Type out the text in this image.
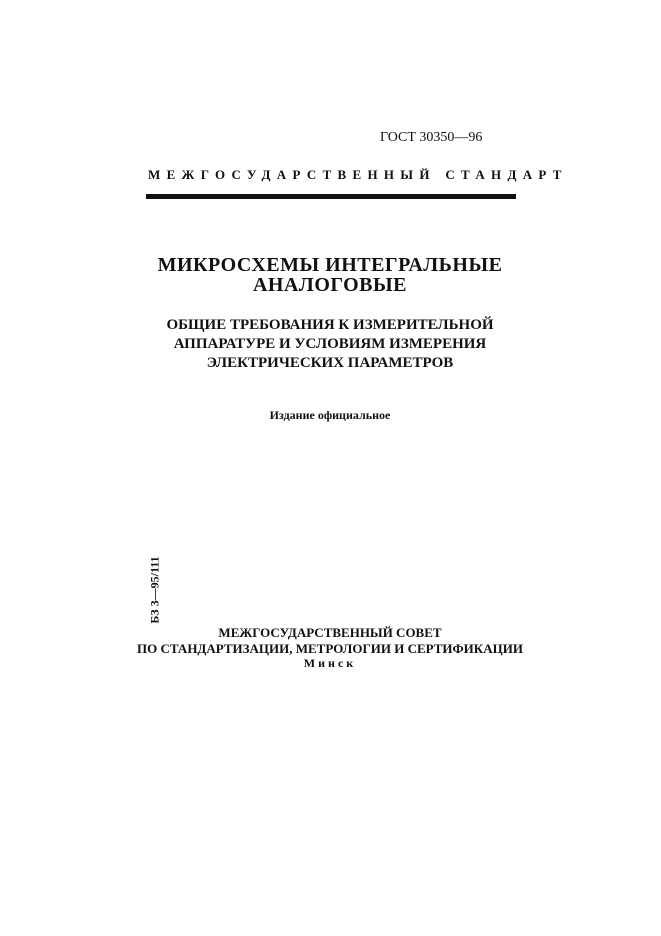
ГОСТ 30350—96
МЕЖГОСУДАРСТВЕННЫЙ СТАНДАРТ
МИКРОСХЕМЫ ИНТЕГРАЛЬНЫЕ
АНАЛОГОВЫЕ
ОБЩИЕ ТРЕБОВАНИЯ К ИЗМЕРИТЕЛЬНОЙ
АППАРАТУРЕ И УСЛОВИЯМ ИЗМЕРЕНИЯ
ЭЛЕКТРИЧЕСКИХ ПАРАМЕТРОВ
Издание официальное
БЗ 3—95/111
МЕЖГОСУДАРСТВЕННЫЙ СОВЕТ
ПО СТАНДАРТИЗАЦИИ, МЕТРОЛОГИИ И СЕРТИФИКАЦИИ
Минск
